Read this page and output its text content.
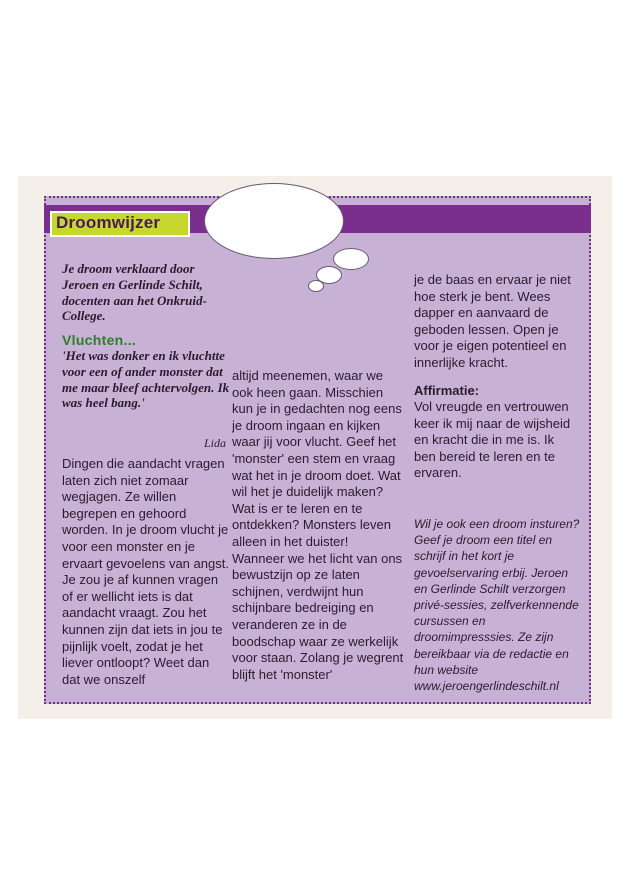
Droomwijzer
Je droom verklaard door Jeroen en Gerlinde Schilt, docenten aan het Onkruid-College.
Vluchten...
'Het was donker en ik vluchtte voor een of ander monster dat me maar bleef achtervolgen. Ik was heel bang.'
Lida

Dingen die aandacht vragen laten zich niet zomaar wegjagen. Ze willen begrepen en gehoord worden. In je droom vlucht je voor een monster en je ervaart gevoelens van angst. Je zou je af kunnen vragen of er wellicht iets is dat aandacht vraagt. Zou het kunnen zijn dat iets in jou te pijnlijk voelt, zodat je het liever ontloopt? Weet dan dat we onszelf

altijd meenemen, waar we ook heen gaan. Misschien kun je in gedachten nog eens je droom ingaan en kijken waar jij voor vlucht. Geef het 'monster' een stem en vraag wat het in je droom doet. Wat wil het je duidelijk maken? Wat is er te leren en te ontdekken? Monsters leven alleen in het duister! Wanneer we het licht van ons bewustzijn op ze laten schijnen, verdwijnt hun schijnbare bedreiging en veranderen ze in de boodschap waar ze werkelijk voor staan. Zolang je wegrent blijft het 'monster'

je de baas en ervaar je niet hoe sterk je bent. Wees dapper en aanvaard de geboden lessen. Open je voor je eigen potentieel en innerlijke kracht.

Affirmatie:

Vol vreugde en vertrouwen keer ik mij naar de wijsheid en kracht die in me is. Ik ben bereid te leren en te ervaren.

Wil je ook een droom insturen? Geef je droom een titel en schrijf in het kort je gevoelservaring erbij. Jeroen en Gerlinde Schilt verzorgen privé-sessies, zelfverkennende cursussen en droomimpresssies. Ze zijn bereikbaar via de redactie en hun website www.jeroengerlindeschilt.nl
